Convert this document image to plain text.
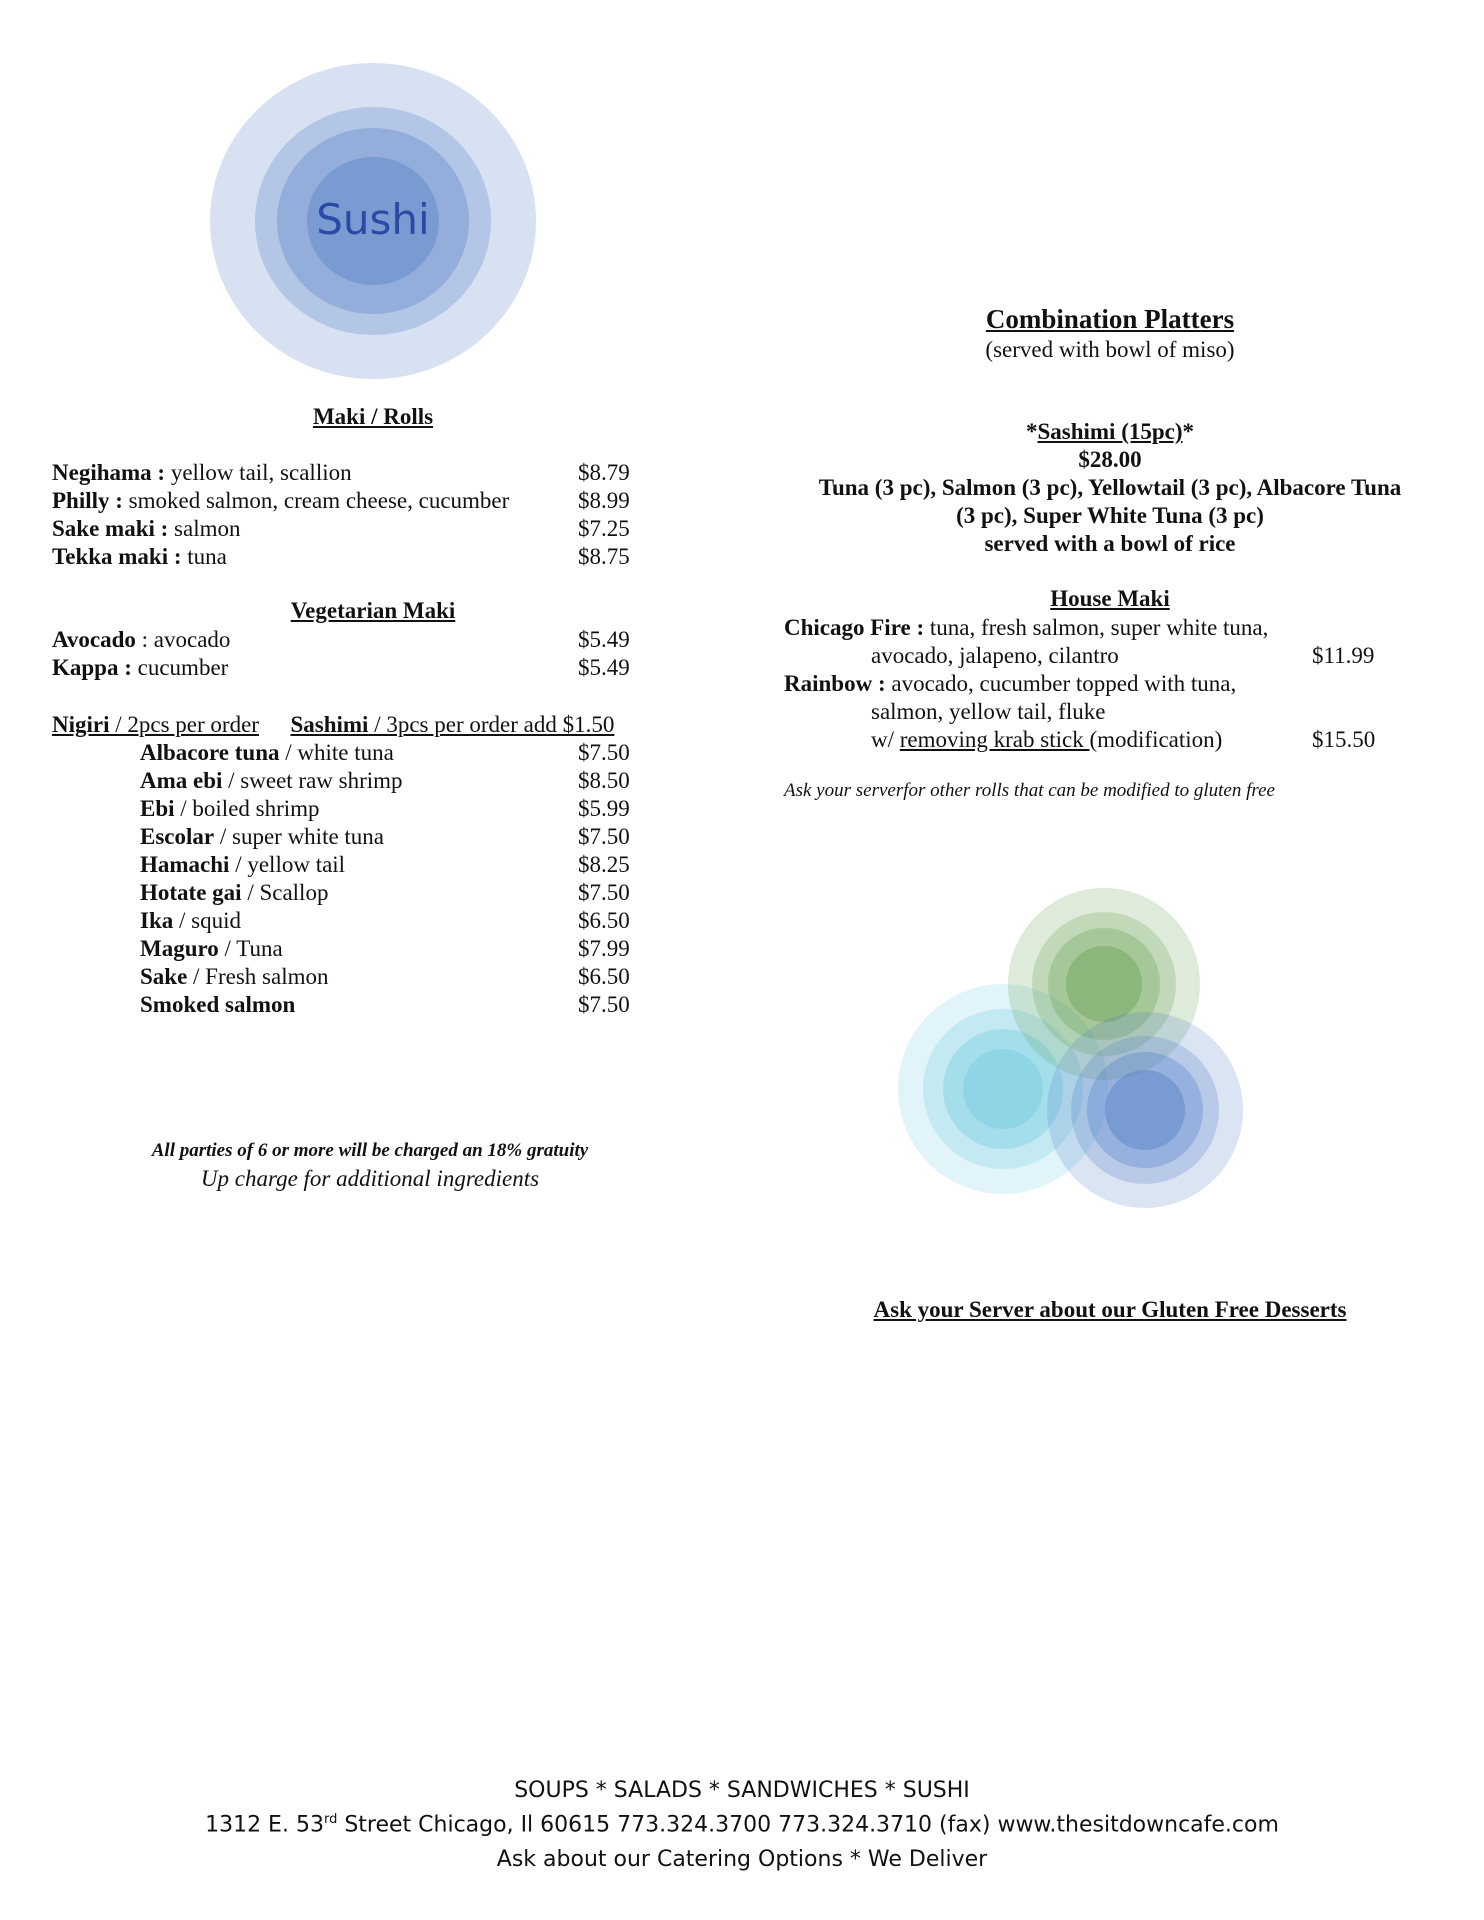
Sushi
Maki / Rolls
Negihama : yellow tail, scallion	$8.79
Philly : smoked salmon, cream cheese, cucumber	$8.99
Sake maki : salmon	$7.25
Tekka maki : tuna	$8.75
Vegetarian Maki
Avocado : avocado	$5.49
Kappa : cucumber	$5.49
Nigiri / 2pcs per order Sashimi / 3pcs per order add $1.50
Albacore tuna / white tuna	$7.50
Ama ebi / sweet raw shrimp	$8.50
Ebi / boiled shrimp	$5.99
Escolar / super white tuna	$7.50
Hamachi / yellow tail	$8.25
Hotate gai / Scallop	$7.50
Ika / squid	$6.50
Maguro / Tuna	$7.99
Sake / Fresh salmon	$6.50
Smoked salmon	$7.50
All parties of 6 or more will be charged an 18% gratuity
Up charge for additional ingredients
Combination Platters
(served with bowl of miso)
*Sashimi (15pc)*
$28.00
Tuna (3 pc), Salmon (3 pc), Yellowtail (3 pc), Albacore Tuna
(3 pc), Super White Tuna (3 pc)
served with a bowl of rice
House Maki
Chicago Fire : tuna, fresh salmon, super white tuna,
avocado, jalapeno, cilantro	$11.99
Rainbow : avocado, cucumber topped with tuna,
salmon, yellow tail, fluke
w/ removing krab stick (modification)	$15.50
Ask your serverfor other rolls that can be modified to gluten free
Ask your Server about our Gluten Free Desserts
SOUPS * SALADS * SANDWICHES * SUSHI
1312 E. 53rd Street Chicago, Il 60615 773.324.3700 773.324.3710 (fax) www.thesitdowncafe.com
Ask about our Catering Options * We Deliver
